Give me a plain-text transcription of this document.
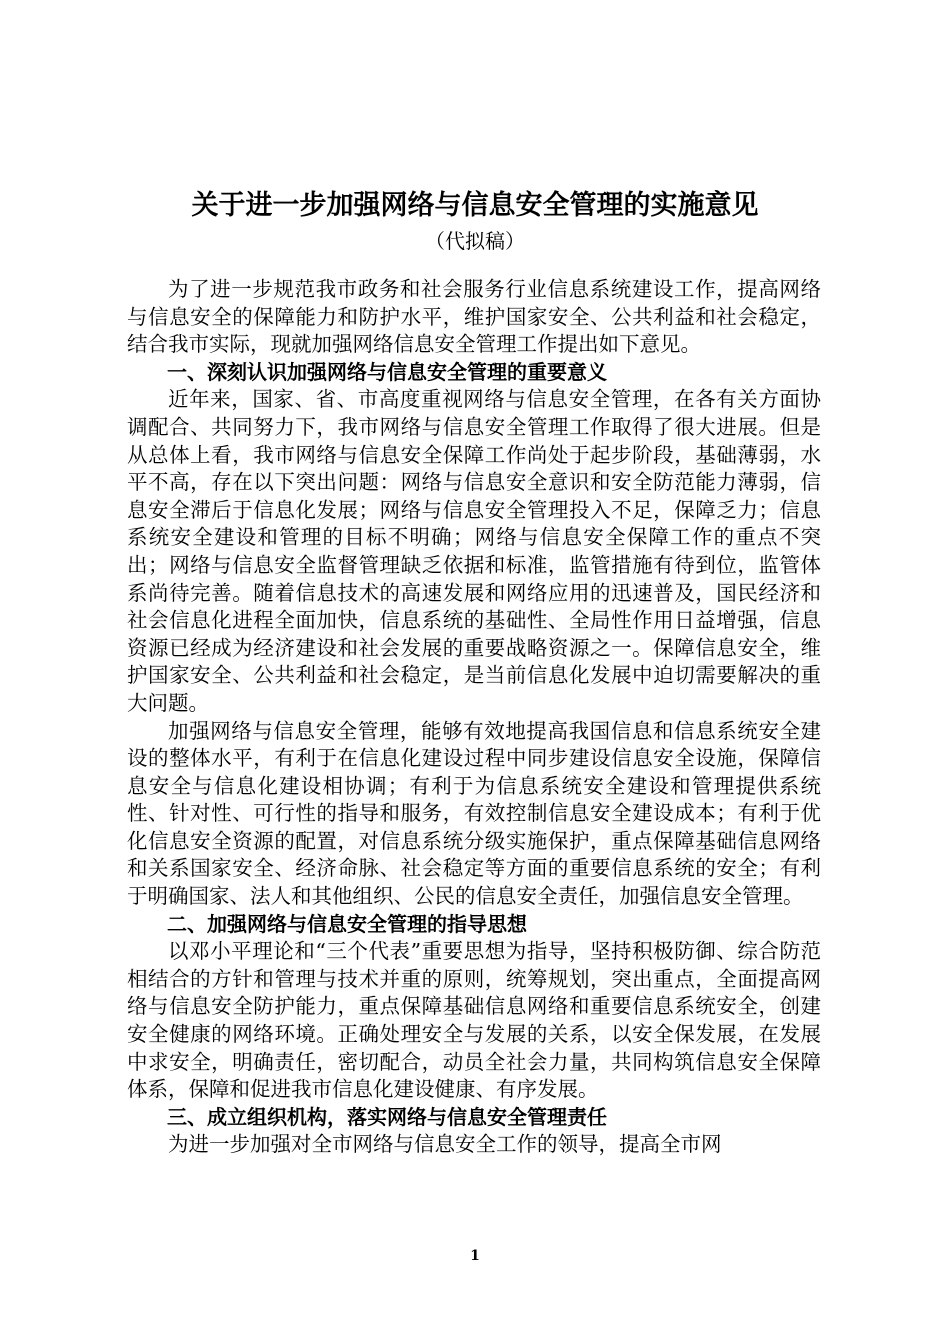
关于进一步加强网络与信息安全管理的实施意见

（代拟稿）

为了进一步规范我市政务和社会服务行业信息系统建设工作，提高网络与信息安全的保障能力和防护水平，维护国家安全、公共利益和社会稳定，结合我市实际，现就加强网络信息安全管理工作提出如下意见。

一、深刻认识加强网络与信息安全管理的重要意义

近年来，国家、省、市高度重视网络与信息安全管理，在各有关方面协调配合、共同努力下，我市网络与信息安全管理工作取得了很大进展。但是从总体上看，我市网络与信息安全保障工作尚处于起步阶段，基础薄弱，水平不高，存在以下突出问题：网络与信息安全意识和安全防范能力薄弱，信息安全滞后于信息化发展；网络与信息安全管理投入不足，保障乏力；信息系统安全建设和管理的目标不明确；网络与信息安全保障工作的重点不突出；网络与信息安全监督管理缺乏依据和标准，监管措施有待到位，监管体系尚待完善。随着信息技术的高速发展和网络应用的迅速普及，国民经济和社会信息化进程全面加快，信息系统的基础性、全局性作用日益增强，信息资源已经成为经济建设和社会发展的重要战略资源之一。保障信息安全，维护国家安全、公共利益和社会稳定，是当前信息化发展中迫切需要解决的重大问题。

加强网络与信息安全管理，能够有效地提高我国信息和信息系统安全建设的整体水平，有利于在信息化建设过程中同步建设信息安全设施，保障信息安全与信息化建设相协调；有利于为信息系统安全建设和管理提供系统性、针对性、可行性的指导和服务，有效控制信息安全建设成本；有利于优化信息安全资源的配置，对信息系统分级实施保护，重点保障基础信息网络和关系国家安全、经济命脉、社会稳定等方面的重要信息系统的安全；有利于明确国家、法人和其他组织、公民的信息安全责任，加强信息安全管理。

二、加强网络与信息安全管理的指导思想

以邓小平理论和“三个代表”重要思想为指导，坚持积极防御、综合防范相结合的方针和管理与技术并重的原则，统筹规划，突出重点，全面提高网络与信息安全防护能力，重点保障基础信息网络和重要信息系统安全，创建安全健康的网络环境。正确处理安全与发展的关系，以安全保发展，在发展中求安全，明确责任，密切配合，动员全社会力量，共同构筑信息安全保障体系，保障和促进我市信息化建设健康、有序发展。

三、成立组织机构，落实网络与信息安全管理责任

为进一步加强对全市网络与信息安全工作的领导，提高全市网

1
